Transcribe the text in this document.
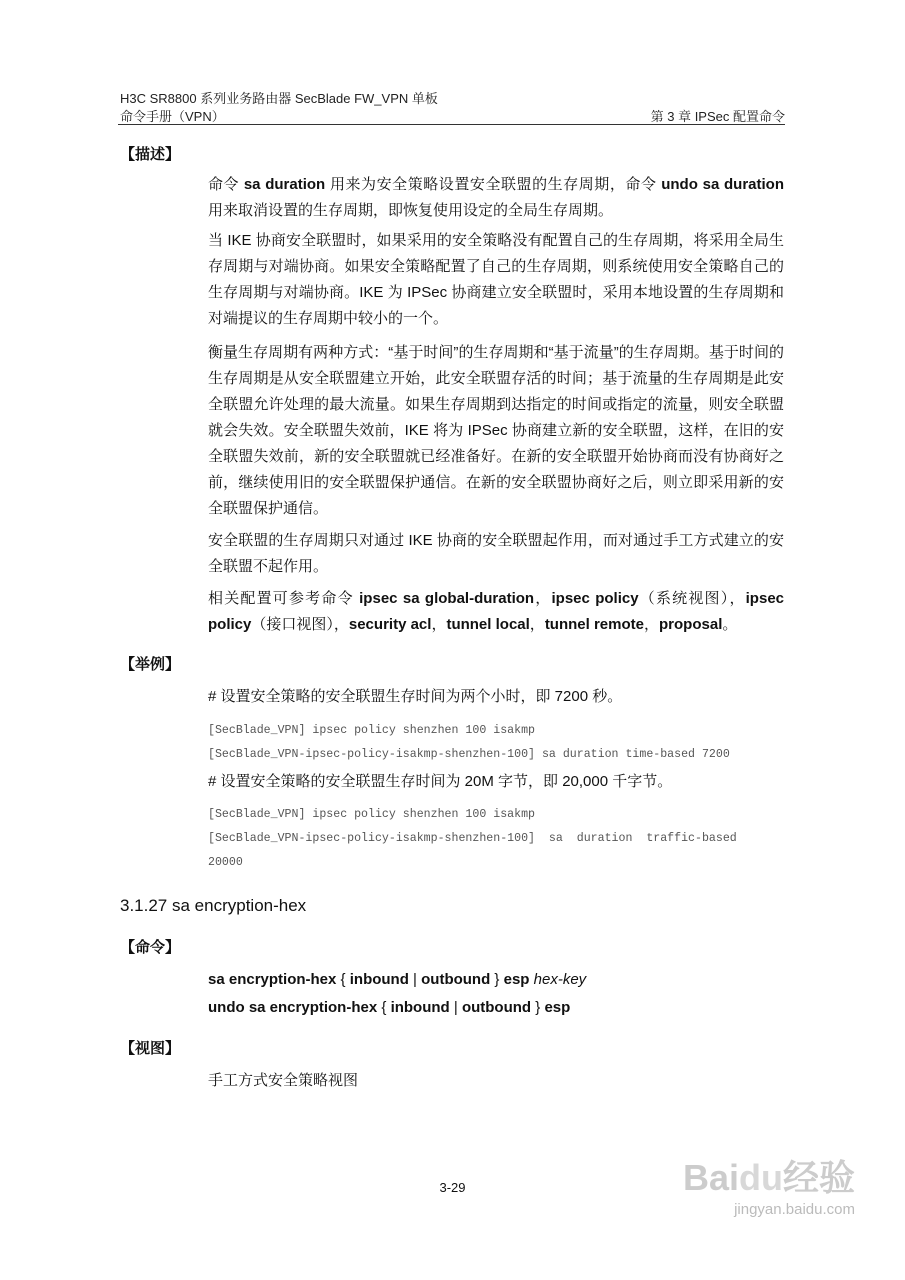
H3C SR8800 系列业务路由器 SecBlade FW_VPN 单板
命令手册（VPN）	第 3 章 IPSec 配置命令
【描述】
命令 sa duration 用来为安全策略设置安全联盟的生存周期，命令 undo sa duration 用来取消设置的生存周期，即恢复使用设定的全局生存周期。
当 IKE 协商安全联盟时，如果采用的安全策略没有配置自己的生存周期，将采用全局生存周期与对端协商。如果安全策略配置了自己的生存周期，则系统使用安全策略自己的生存周期与对端协商。IKE 为 IPSec 协商建立安全联盟时，采用本地设置的生存周期和对端提议的生存周期中较小的一个。
衡量生存周期有两种方式：“基于时间”的生存周期和“基于流量”的生存周期。基于时间的生存周期是从安全联盟建立开始，此安全联盟存活的时间；基于流量的生存周期是此安全联盟允许处理的最大流量。如果生存周期到达指定的时间或指定的流量，则安全联盟就会失效。安全联盟失效前，IKE 将为 IPSec 协商建立新的安全联盟，这样，在旧的安全联盟失效前，新的安全联盟就已经准备好。在新的安全联盟开始协商而没有协商好之前，继续使用旧的安全联盟保护通信。在新的安全联盟协商好之后，则立即采用新的安全联盟保护通信。
安全联盟的生存周期只对通过 IKE 协商的安全联盟起作用，而对通过手工方式建立的安全联盟不起作用。
相关配置可参考命令 ipsec sa global-duration，ipsec policy（系统视图），ipsec policy（接口视图），security acl，tunnel local，tunnel remote，proposal。
【举例】
# 设置安全策略的安全联盟生存时间为两个小时，即 7200 秒。
[SecBlade_VPN] ipsec policy shenzhen 100 isakmp
[SecBlade_VPN-ipsec-policy-isakmp-shenzhen-100] sa duration time-based 7200
# 设置安全策略的安全联盟生存时间为 20M 字节，即 20,000 千字节。
[SecBlade_VPN] ipsec policy shenzhen 100 isakmp
[SecBlade_VPN-ipsec-policy-isakmp-shenzhen-100]  sa  duration  traffic-based
20000
3.1.27 sa encryption-hex
【命令】
sa encryption-hex { inbound | outbound } esp hex-key
undo sa encryption-hex { inbound | outbound } esp
【视图】
手工方式安全策略视图
3-29	Baidu经验
jingyan.baidu.com
